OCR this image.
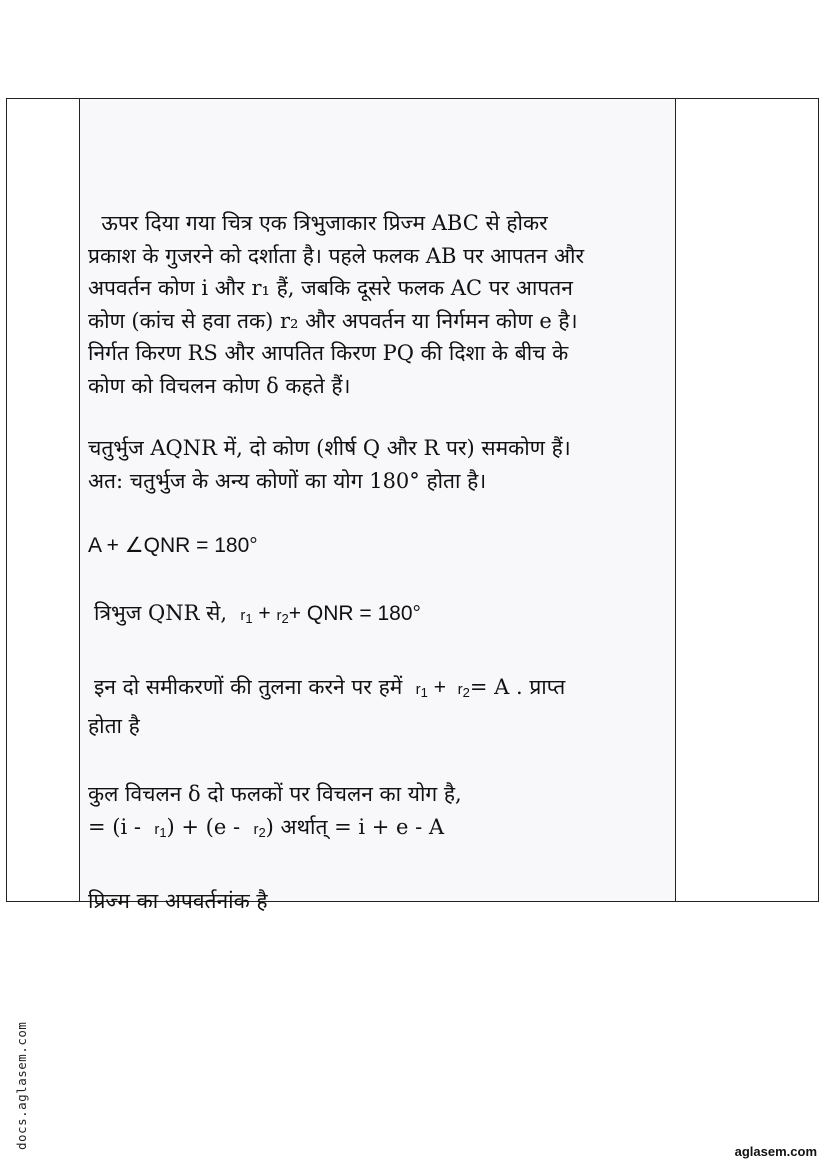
ऊपर दिया गया चित्र एक त्रिभुजाकार प्रिज्म ABC से होकर

प्रकाश के गुजरने को दर्शाता है। पहले फलक AB पर आपतन और

अपवर्तन कोण i और r₁ हैं, जबकि दूसरे फलक AC पर आपतन

कोण (कांच से हवा तक) r₂ और अपवर्तन या निर्गमन कोण e है।

निर्गत किरण RS और आपतित किरण PQ की दिशा के बीच के

कोण को विचलन कोण δ कहते हैं।

चतुर्भुज AQNR में, दो कोण (शीर्ष Q और R पर) समकोण हैं।

अत: चतुर्भुज के अन्य कोणों का योग 180° होता है।

A + ∠QNR = 180°

त्रिभुज QNR से,  $r_1 + r_2+$ QNR = 180°

इन दो समीकरणों की तुलना करने पर हमें  $r_1 + r_2= A$ . प्राप्त

होता है

कुल विचलन δ दो फलकों पर विचलन का योग है,

= $(i - r_1) + (e - r_2)$ अर्थात् = i + e - A

प्रिज्म का अपवर्तनांक है

docs.aglasem.com
aglasem.com
